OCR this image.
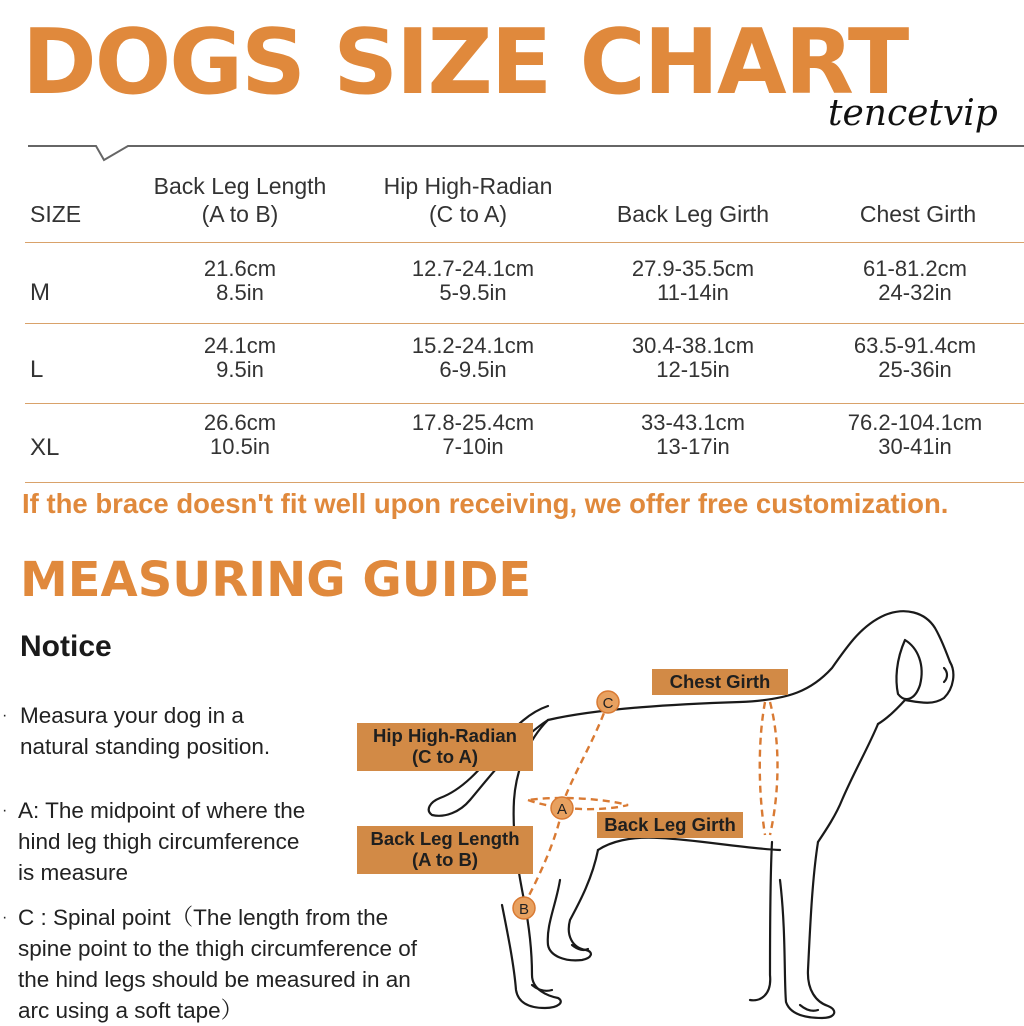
DOGS SIZE CHART
tencetvip
SIZE
Back Leg Length
(A to B)
Hip High-Radian
(C to A)	Back Leg Girth	Chest Girth
M
21.6cm
8.5in
12.7-24.1cm
5-9.5in
27.9-35.5cm
11-14in
61-81.2cm
24-32in
L
24.1cm
9.5in
15.2-24.1cm
6-9.5in
30.4-38.1cm
12-15in
63.5-91.4cm
25-36in
XL
26.6cm
10.5in
17.8-25.4cm
7-10in
33-43.1cm
13-17in
76.2-104.1cm
30-41in
If the brace doesn't fit well upon receiving, we offer free customization.
MEASURING GUIDE
Notice
· Measura your dog in a
natural standing position.
· A: The midpoint of where the
hind leg thigh circumference
is measure
· C : Spinal point（The length from the
spine point to the thigh circumference of
the hind legs should be measured in an
arc using a soft tape）
C
A
B
Chest Girth
Hip High-Radian
(C to A)
Back Leg Length
(A to B)
Back Leg Girth
